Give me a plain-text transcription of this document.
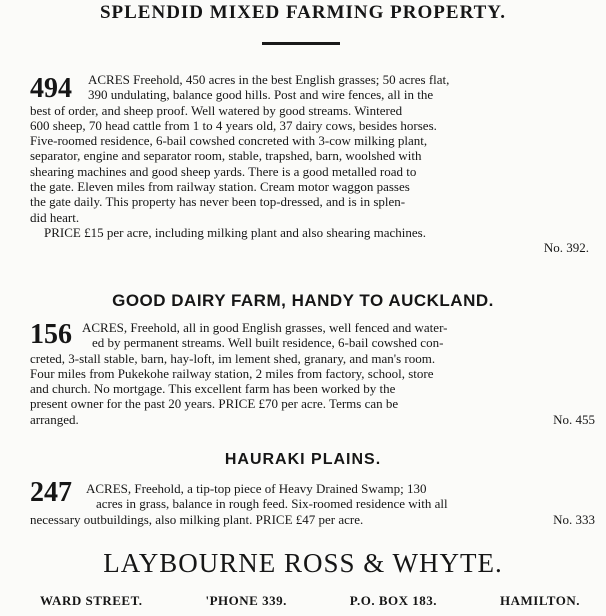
SPLENDID MIXED FARMING PROPERTY.
494	ACRES Freehold, 450 acres in the best English grasses; 50 acres flat,
390 undulating, balance good hills. Post and wire fences, all in the
best of order, and sheep proof. Well watered by good streams. Wintered
600 sheep, 70 head cattle from 1 to 4 years old, 37 dairy cows, besides horses.
Five-roomed residence, 6-bail cowshed concreted with 3-cow milking plant,
separator, engine and separator room, stable, trapshed, barn, woolshed with
shearing machines and good sheep yards. There is a good metalled road to
the gate. Eleven miles from railway station. Cream motor waggon passes
the gate daily. This property has never been top-dressed, and is in splen-
did heart.
PRICE £15 per acre, including milking plant and also shearing machines.
No. 392.
GOOD DAIRY FARM, HANDY TO AUCKLAND.
156 ACRES, Freehold, all in good English grasses, well fenced and water-
ed by permanent streams. Well built residence, 6-bail cowshed con-
creted, 3-stall stable, barn, hay-loft, im lement shed, granary, and man's room.
Four miles from Pukekohe railway station, 2 miles from factory, school, store
and church. No mortgage. This excellent farm has been worked by the
present owner for the past 20 years. PRICE £70 per acre. Terms can be
arranged.	No. 455
HAURAKI PLAINS.
247	ACRES, Freehold, a tip-top piece of Heavy Drained Swamp; 130
acres in grass, balance in rough feed. Six-roomed residence with all
necessary outbuildings, also milking plant. PRICE £47 per acre.	No. 333
LAYBOURNE ROSS & WHYTE.
WARD STREET.	'PHONE 339.	P.O. BOX 183.	HAMILTON.
